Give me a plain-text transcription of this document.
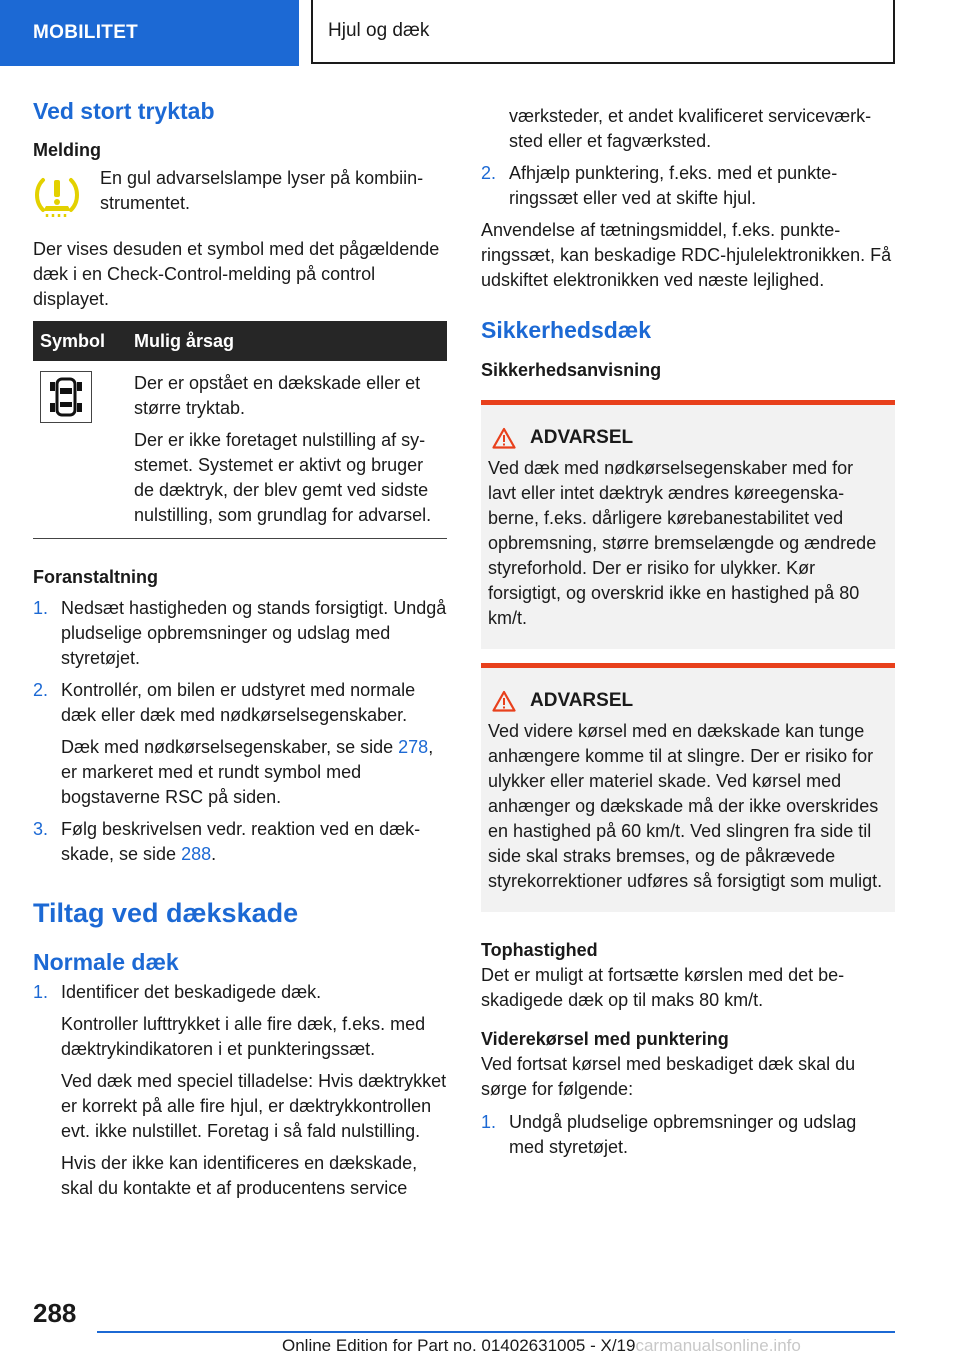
MOBILITET	Hjul og dæk
Ved stort tryktab
Melding

En gul advarselslampe lyser på kombiinstrumentet.

Der vises desuden et symbol med det pågældende dæk i en Check-Control-melding på control displayet.

Symbol	Mulig årsag

Der er opstået en dækskade eller et større tryktab.

Der er ikke foretaget nulstilling af systemet. Systemet er aktivt og bruger de dæktryk, der blev gemt ved sidste nulstilling, som grundlag for advarsel.

Foranstaltning

1. Nedsæt hastigheden og stands forsigtigt. Undgå pludselige opbremsninger og udslag med styretøjet.

2. Kontrollér, om bilen er udstyret med normale dæk eller dæk med nødkørselsegenskaber.

Dæk med nødkørselsegenskaber, se side 278, er markeret med et rundt symbol med bogstaverne RSC på siden.

3. Følg beskrivelsen vedr. reaktion ved en dækskade, se side 288.

Tiltag ved dækskade
Normale dæk

1. Identificer det beskadigede dæk.

Kontroller lufttrykket i alle fire dæk, f.eks. med dæktrykindikatoren i et punkteringssæt.

Ved dæk med speciel tilladelse: Hvis dæktrykket er korrekt på alle fire hjul, er dæktrykkontrollen evt. ikke nulstillet. Foretag i så fald nulstilling.

Hvis der ikke kan identificeres en dækskade, skal du kontakte et af producentens service

værksteder, et andet kvalificeret serviceværksted eller et fagværksted.

2. Afhjælp punktering, f.eks. med et punkteringssæt eller ved at skifte hjul.

Anvendelse af tætningsmiddel, f.eks. punkteringssæt, kan beskadige RDC-hjulelektronikken. Få udskiftet elektronikken ved næste lejlighed.

Sikkerhedsdæk
Sikkerhedsanvisning
ADVARSEL

Ved dæk med nødkørselsegenskaber med for lavt eller intet dæktryk ændres køreegenskaberne, f.eks. dårligere kørebanestabilitet ved opbremsning, større bremselængde og ændrede styreforhold. Der er risiko for ulykker. Kør forsigtigt, og overskrid ikke en hastighed på 80 km/t.

ADVARSEL

Ved videre kørsel med en dækskade kan tunge anhængere komme til at slingre. Der er risiko for ulykker eller materiel skade. Ved kørsel med anhænger og dækskade må der ikke overskrides en hastighed på 60 km/t. Ved slingren fra side til side skal straks bremses, og de påkrævede styrekorrektioner udføres så forsigtigt som muligt.

Tophastighed

Det er muligt at fortsætte kørslen med det beskadigede dæk op til maks 80 km/t.

Viderekørsel med punktering

Ved fortsat kørsel med beskadiget dæk skal du sørge for følgende:

1. Undgå pludselige opbremsninger og udslag med styretøjet.

288
Online Edition for Part no. 01402631005 - X/19carmanualsonline.info
